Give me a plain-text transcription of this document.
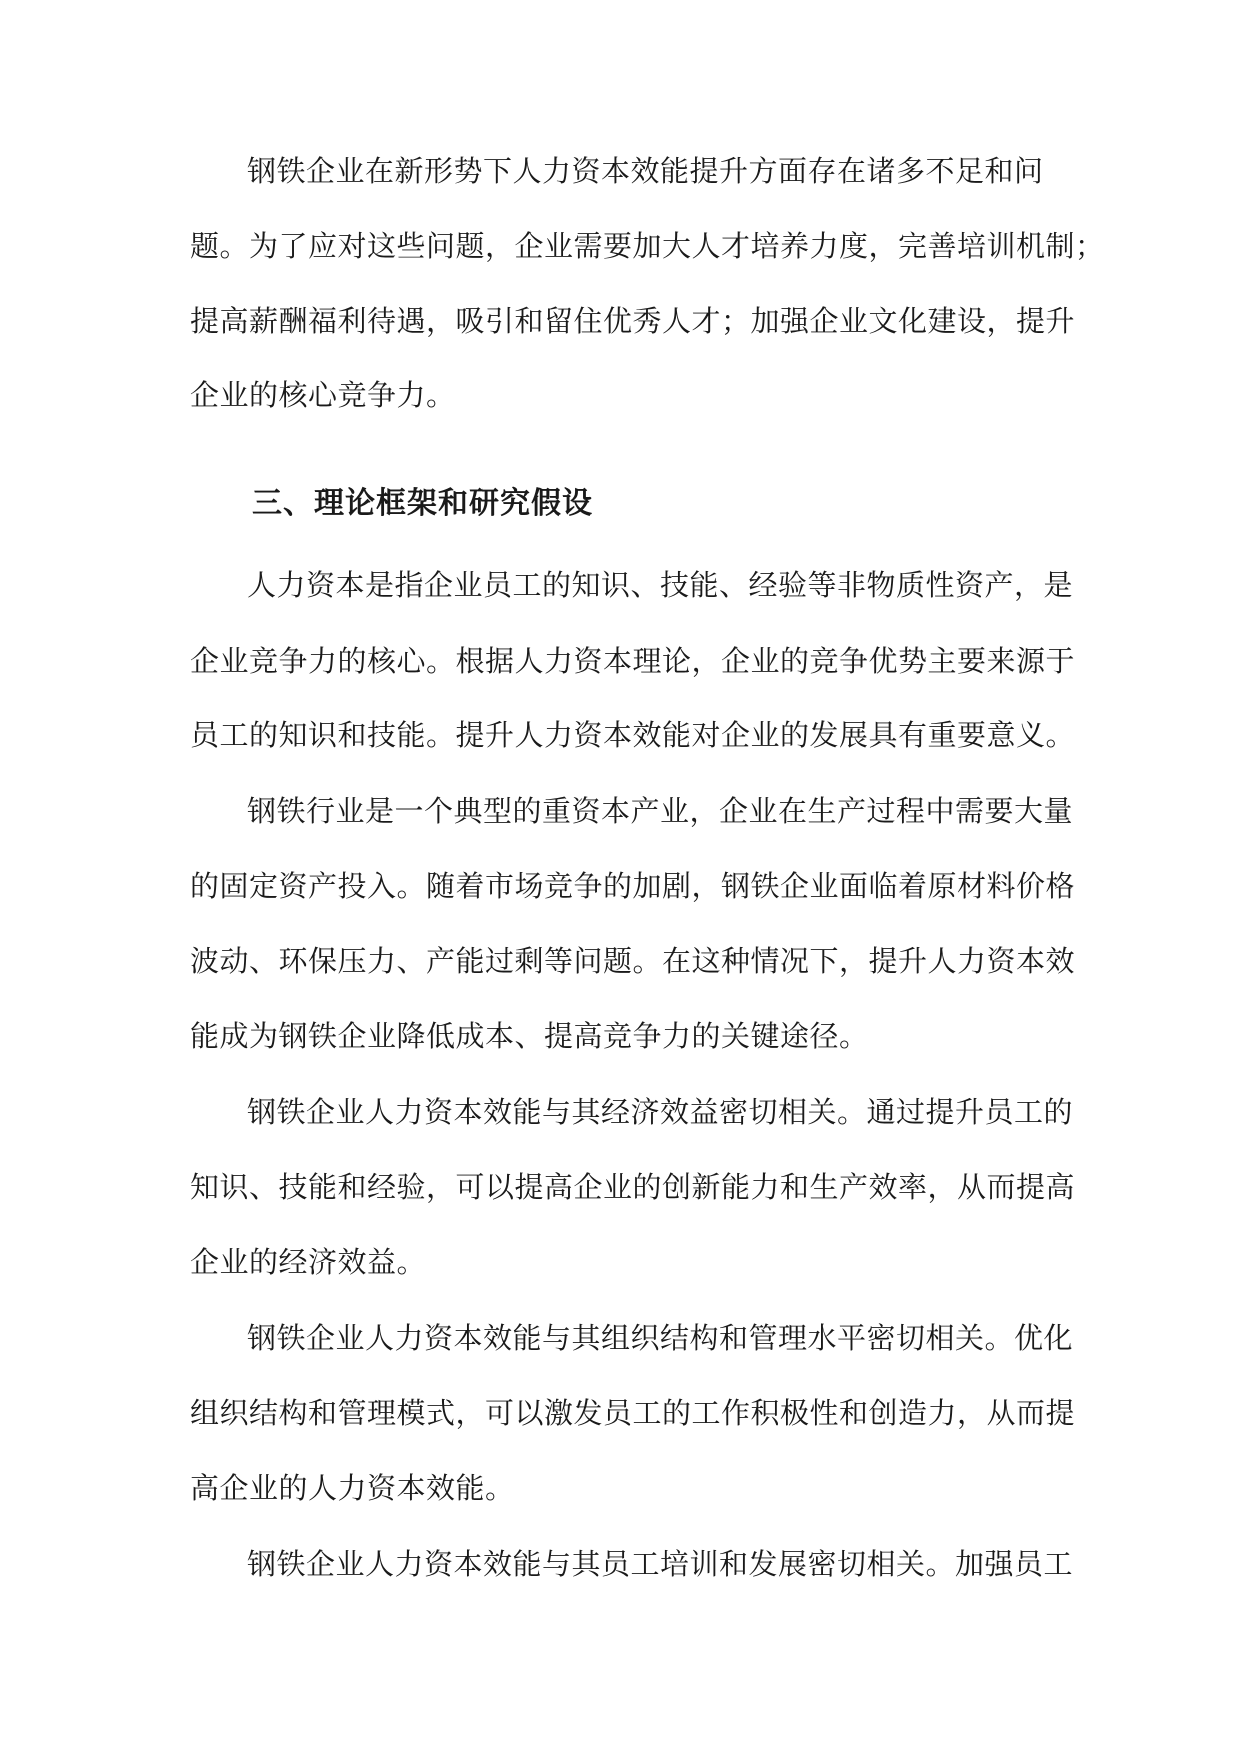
钢铁企业在新形势下人力资本效能提升方面存在诸多不足和问
题。为了应对这些问题，企业需要加大人才培养力度，完善培训机制；
提高薪酬福利待遇，吸引和留住优秀人才；加强企业文化建设，提升
企业的核心竞争力。
三、理论框架和研究假设
人力资本是指企业员工的知识、技能、经验等非物质性资产，是
企业竞争力的核心。根据人力资本理论，企业的竞争优势主要来源于
员工的知识和技能。提升人力资本效能对企业的发展具有重要意义。
钢铁行业是一个典型的重资本产业，企业在生产过程中需要大量
的固定资产投入。随着市场竞争的加剧，钢铁企业面临着原材料价格
波动、环保压力、产能过剩等问题。在这种情况下，提升人力资本效
能成为钢铁企业降低成本、提高竞争力的关键途径。
钢铁企业人力资本效能与其经济效益密切相关。通过提升员工的
知识、技能和经验，可以提高企业的创新能力和生产效率，从而提高
企业的经济效益。
钢铁企业人力资本效能与其组织结构和管理水平密切相关。优化
组织结构和管理模式，可以激发员工的工作积极性和创造力，从而提
高企业的人力资本效能。
钢铁企业人力资本效能与其员工培训和发展密切相关。加强员工
